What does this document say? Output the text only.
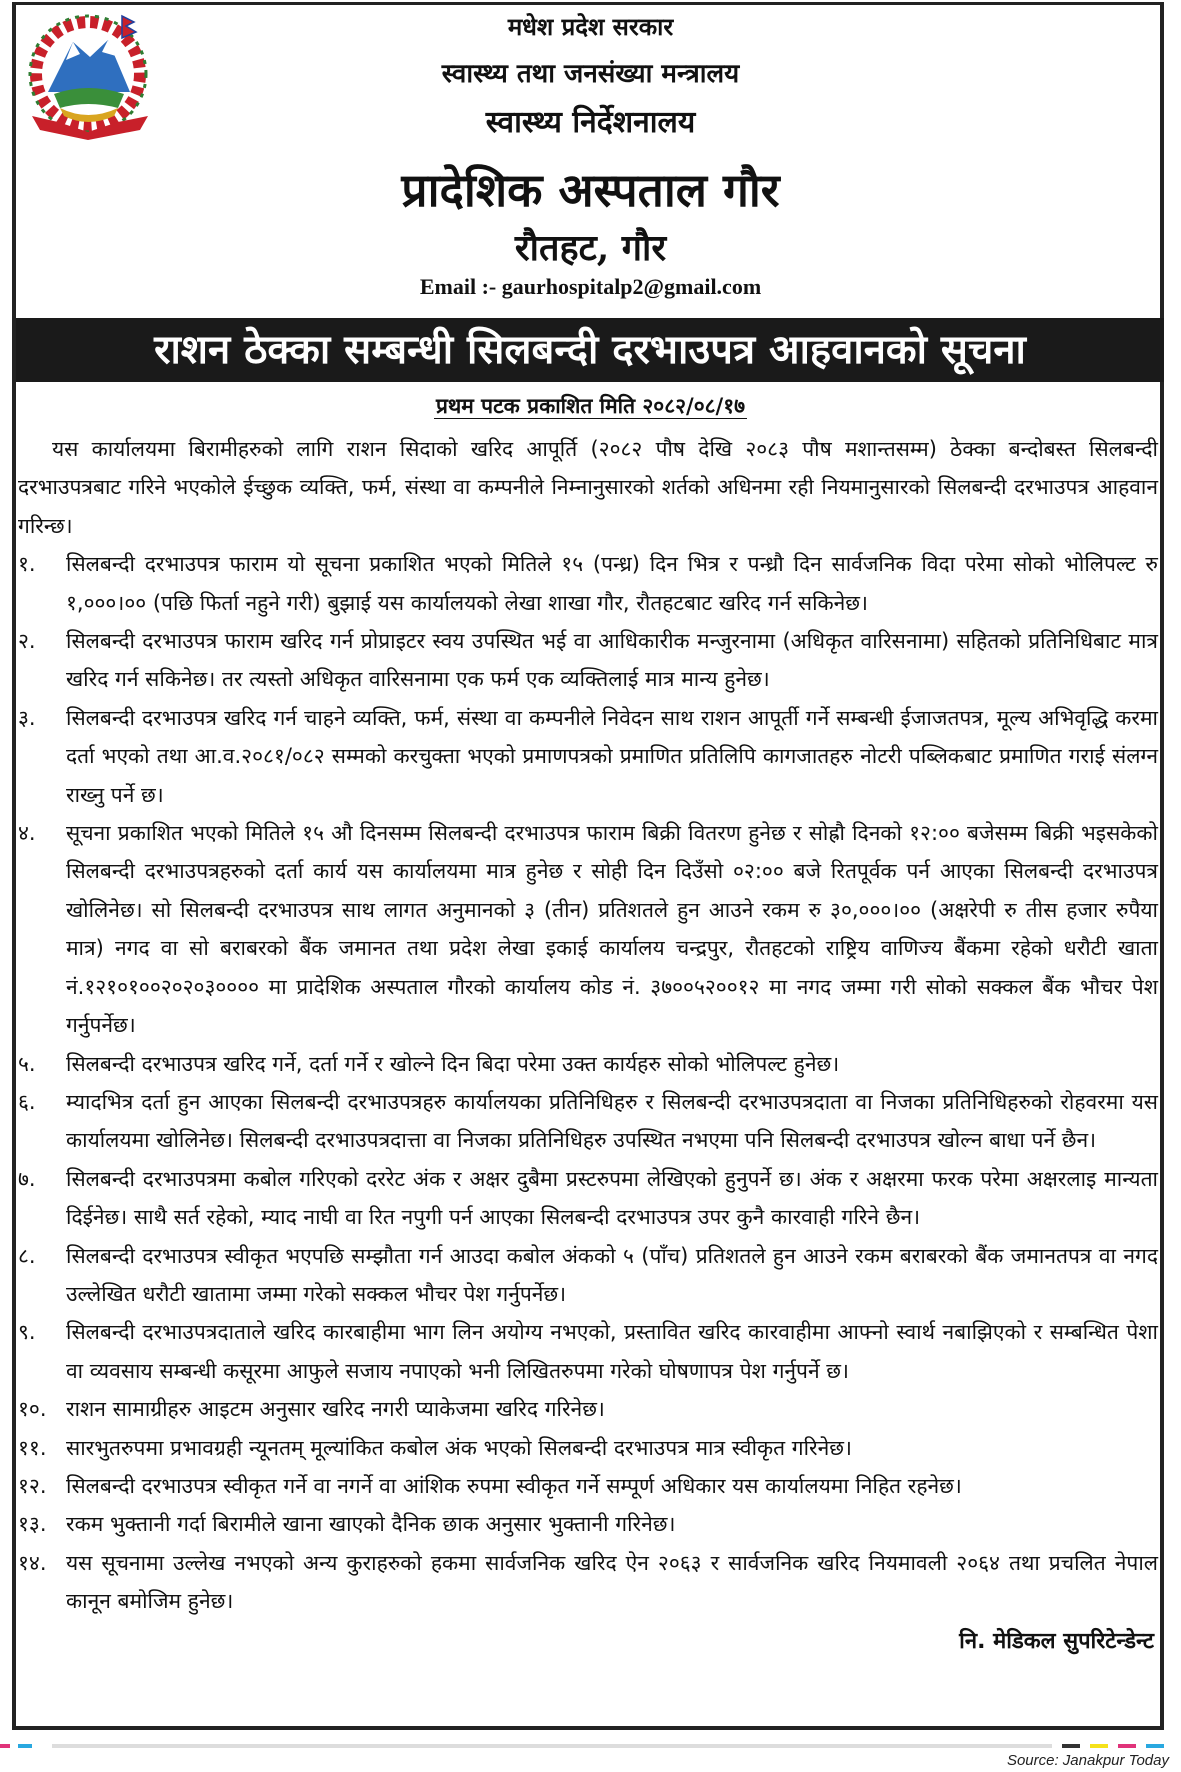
मधेश प्रदेश सरकार
स्वास्थ्य तथा जनसंख्या मन्त्रालय
स्वास्थ्य निर्देशनालय
प्रादेशिक अस्पताल गौर
रौतहट, गौर
Email :- gaurhospitalp2@gmail.com
राशन ठेक्का सम्बन्धी सिलबन्दी दरभाउपत्र आहवानको सूचना
प्रथम पटक प्रकाशित मिति २०८२/०८/१७

यस कार्यालयमा बिरामीहरुको लागि राशन सिदाको खरिद आपूर्ति (२०८२ पौष देखि २०८३ पौष मशान्तसम्म) ठेक्का बन्दोबस्त सिलबन्दी दरभाउपत्रबाट गरिने भएकोले ईच्छुक व्यक्ति, फर्म, संस्था वा कम्पनीले निम्नानुसारको शर्तको अधिनमा रही नियमानुसारको सिलबन्दी दरभाउपत्र आहवान गरिन्छ।

१.	सिलबन्दी दरभाउपत्र फाराम यो सूचना प्रकाशित भएको मितिले १५ (पन्ध्र) दिन भित्र र पन्ध्रौ दिन सार्वजनिक विदा परेमा सोको भोलिपल्ट रु १,०००।०० (पछि फिर्ता नहुने गरी) बुझाई यस कार्यालयको लेखा शाखा गौर, रौतहटबाट खरिद गर्न सकिनेछ।
२.	सिलबन्दी दरभाउपत्र फाराम खरिद गर्न प्रोप्राइटर स्वय उपस्थित भई वा आधिकारीक मन्जुरनामा (अधिकृत वारिसनामा) सहितको प्रतिनिधिबाट मात्र खरिद गर्न सकिनेछ। तर त्यस्तो अधिकृत वारिसनामा एक फर्म एक व्यक्तिलाई मात्र मान्य हुनेछ।
३.	सिलबन्दी दरभाउपत्र खरिद गर्न चाहने व्यक्ति, फर्म, संस्था वा कम्पनीले निवेदन साथ राशन आपूर्ती गर्ने सम्बन्धी ईजाजतपत्र, मूल्य अभिवृद्धि करमा दर्ता भएको तथा आ.व.२०८१/०८२ सम्मको करचुक्ता भएको प्रमाणपत्रको प्रमाणित प्रतिलिपि कागजातहरु नोटरी पब्लिकबाट प्रमाणित गराई संलग्न राख्नु पर्ने छ।
४.	सूचना प्रकाशित भएको मितिले १५ औ दिनसम्म सिलबन्दी दरभाउपत्र फाराम बिक्री वितरण हुनेछ र सोह्रौ दिनको १२:०० बजेसम्म बिक्री भइसकेको सिलबन्दी दरभाउपत्रहरुको दर्ता कार्य यस कार्यालयमा मात्र हुनेछ र सोही दिन दिउँसो ०२:०० बजे रितपूर्वक पर्न आएका सिलबन्दी दरभाउपत्र खोलिनेछ। सो सिलबन्दी दरभाउपत्र साथ लागत अनुमानको ३ (तीन) प्रतिशतले हुन आउने रकम रु ३०,०००।०० (अक्षरेपी रु तीस हजार रुपैया मात्र) नगद वा सो बराबरको बैंक जमानत तथा प्रदेश लेखा इकाई कार्यालय चन्द्रपुर, रौतहटको राष्ट्रिय वाणिज्य बैंकमा रहेको धरौटी खाता नं.१२१०१००२०२०३०००० मा प्रादेशिक अस्पताल गौरको कार्यालय कोड नं. ३७००५२००१२ मा नगद जम्मा गरी सोको सक्कल बैंक भौचर पेश गर्नुपर्नेछ।
५.	सिलबन्दी दरभाउपत्र खरिद गर्ने, दर्ता गर्ने र खोल्ने दिन बिदा परेमा उक्त कार्यहरु सोको भोलिपल्ट हुनेछ।
६.	म्यादभित्र दर्ता हुन आएका सिलबन्दी दरभाउपत्रहरु कार्यालयका प्रतिनिधिहरु र सिलबन्दी दरभाउपत्रदाता वा निजका प्रतिनिधिहरुको रोहवरमा यस कार्यालयमा खोलिनेछ। सिलबन्दी दरभाउपत्रदात्ता वा निजका प्रतिनिधिहरु उपस्थित नभएमा पनि सिलबन्दी दरभाउपत्र खोल्न बाधा पर्ने छैन।
७.	सिलबन्दी दरभाउपत्रमा कबोल गरिएको दररेट अंक र अक्षर दुबैमा प्रस्टरुपमा लेखिएको हुनुपर्ने छ। अंक र अक्षरमा फरक परेमा अक्षरलाइ मान्यता दिईनेछ। साथै सर्त रहेको, म्याद नाघी वा रित नपुगी पर्न आएका सिलबन्दी दरभाउपत्र उपर कुनै कारवाही गरिने छैन।
८.	सिलबन्दी दरभाउपत्र स्वीकृत भएपछि सम्झौता गर्न आउदा कबोल अंकको ५ (पाँच) प्रतिशतले हुन आउने रकम बराबरको बैंक जमानतपत्र वा नगद उल्लेखित धरौटी खातामा जम्मा गरेको सक्कल भौचर पेश गर्नुपर्नेछ।
९.	सिलबन्दी दरभाउपत्रदाताले खरिद कारबाहीमा भाग लिन अयोग्य नभएको, प्रस्तावित खरिद कारवाहीमा आफ्नो स्वार्थ नबाझिएको र सम्बन्धित पेशा वा व्यवसाय सम्बन्धी कसूरमा आफुले सजाय नपाएको भनी लिखितरुपमा गरेको घोषणापत्र पेश गर्नुपर्ने छ।
१०. राशन सामाग्रीहरु आइटम अनुसार खरिद नगरी प्याकेजमा खरिद गरिनेछ।
११. सारभुतरुपमा प्रभावग्रही न्यूनतम् मूल्यांकित कबोल अंक भएको सिलबन्दी दरभाउपत्र मात्र स्वीकृत गरिनेछ।
१२. सिलबन्दी दरभाउपत्र स्वीकृत गर्ने वा नगर्ने वा आंशिक रुपमा स्वीकृत गर्ने सम्पूर्ण अधिकार यस कार्यालयमा निहित रहनेछ।
१३. रकम भुक्तानी गर्दा बिरामीले खाना खाएको दैनिक छाक अनुसार भुक्तानी गरिनेछ।
१४. यस सूचनामा उल्लेख नभएको अन्य कुराहरुको हकमा सार्वजनिक खरिद ऐन २०६३ र सार्वजनिक खरिद नियमावली २०६४ तथा प्रचलित नेपाल कानून बमोजिम हुनेछ।
नि. मेडिकल सुपरिटेन्डेन्ट
Source: Janakpur Today
